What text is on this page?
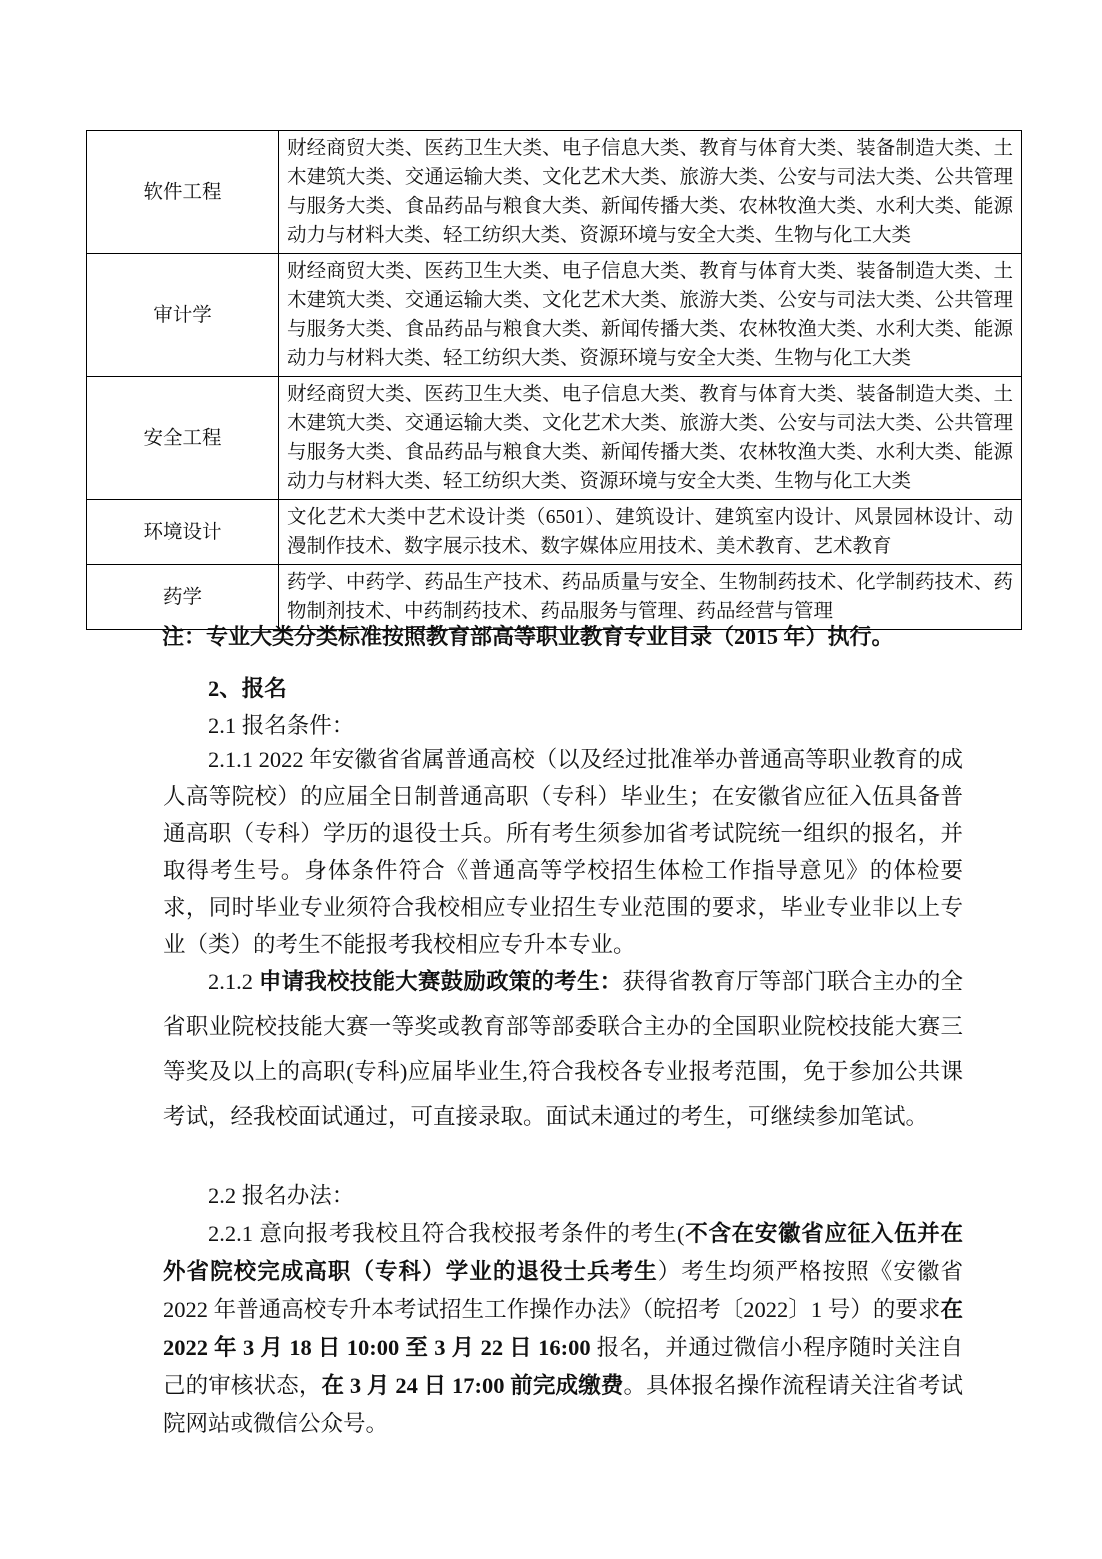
软件工程	财经商贸大类、医药卫生大类、电子信息大类、教育与体育大类、装备制造大类、土木建筑大类、交通运输大类、文化艺术大类、旅游大类、公安与司法大类、公共管理与服务大类、食品药品与粮食大类、新闻传播大类、农林牧渔大类、水利大类、能源动力与材料大类、轻工纺织大类、资源环境与安全大类、生物与化工大类
审计学	财经商贸大类、医药卫生大类、电子信息大类、教育与体育大类、装备制造大类、土木建筑大类、交通运输大类、文化艺术大类、旅游大类、公安与司法大类、公共管理与服务大类、食品药品与粮食大类、新闻传播大类、农林牧渔大类、水利大类、能源动力与材料大类、轻工纺织大类、资源环境与安全大类、生物与化工大类
安全工程	财经商贸大类、医药卫生大类、电子信息大类、教育与体育大类、装备制造大类、土木建筑大类、交通运输大类、文化艺术大类、旅游大类、公安与司法大类、公共管理与服务大类、食品药品与粮食大类、新闻传播大类、农林牧渔大类、水利大类、能源动力与材料大类、轻工纺织大类、资源环境与安全大类、生物与化工大类
环境设计	文化艺术大类中艺术设计类（6501）、建筑设计、建筑室内设计、风景园林设计、动漫制作技术、数字展示技术、数字媒体应用技术、美术教育、艺术教育
药学	药学、中药学、药品生产技术、药品质量与安全、生物制药技术、化学制药技术、药物制剂技术、中药制药技术、药品服务与管理、药品经营与管理

注：专业大类分类标准按照教育部高等职业教育专业目录（2015 年）执行。

2、报名

2.1 报名条件：

2.1.1 2022 年安徽省省属普通高校（以及经过批准举办普通高等职业教育的成人高等院校）的应届全日制普通高职（专科）毕业生；在安徽省应征入伍具备普通高职（专科）学历的退役士兵。所有考生须参加省考试院统一组织的报名，并取得考生号。身体条件符合《普通高等学校招生体检工作指导意见》的体检要求，同时毕业专业须符合我校相应专业招生专业范围的要求，毕业专业非以上专业（类）的考生不能报考我校相应专升本专业。

2.1.2 申请我校技能大赛鼓励政策的考生：获得省教育厅等部门联合主办的全省职业院校技能大赛一等奖或教育部等部委联合主办的全国职业院校技能大赛三等奖及以上的高职(专科)应届毕业生,符合我校各专业报考范围，免于参加公共课考试，经我校面试通过，可直接录取。面试未通过的考生，可继续参加笔试。

2.2 报名办法：

2.2.1 意向报考我校且符合我校报考条件的考生(不含在安徽省应征入伍并在外省院校完成高职（专科）学业的退役士兵考生）考生均须严格按照《安徽省2022 年普通高校专升本考试招生工作操作办法》（皖招考〔2022〕1 号）的要求在 2022 年 3 月 18 日 10:00 至 3 月 22 日 16:00 报名，并通过微信小程序随时关注自己的审核状态，在 3 月 24 日 17:00 前完成缴费。具体报名操作流程请关注省考试院网站或微信公众号。
